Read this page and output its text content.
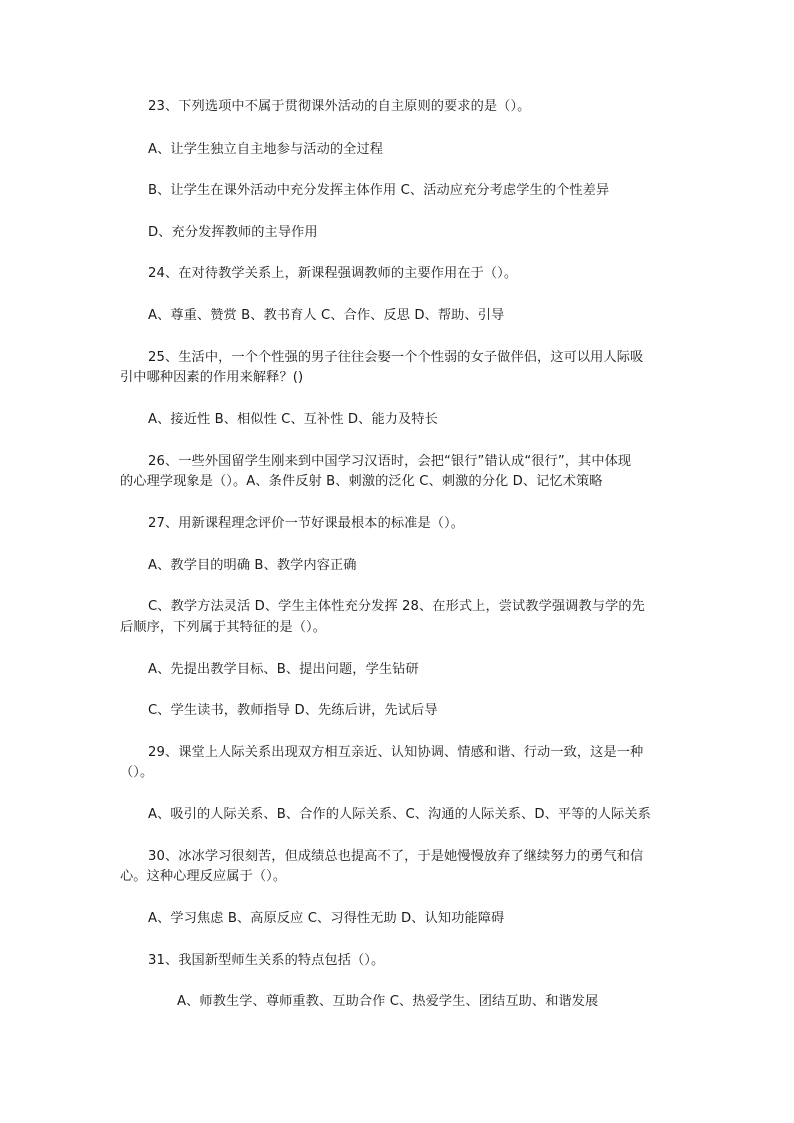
23、下列选项中不属于贯彻课外活动的自主原则的要求的是（）。
A、让学生独立自主地参与活动的全过程
B、让学生在课外活动中充分发挥主体作用 C、活动应充分考虑学生的个性差异
D、充分发挥教师的主导作用
24、在对待教学关系上，新课程强调教师的主要作用在于（）。
A、尊重、赞赏 B、教书育人 C、合作、反思 D、帮助、引导
25、生活中，一个个性强的男子往往会娶一个个性弱的女子做伴侣，这可以用人际吸
引中哪种因素的作用来解释？()
A、接近性 B、相似性 C、互补性 D、能力及特长
26、一些外国留学生刚来到中国学习汉语时，会把“银行”错认成“很行”，其中体现
的心理学现象是（）。A、条件反射 B、刺激的泛化 C、刺激的分化 D、记忆术策略
27、用新课程理念评价一节好课最根本的标准是（）。
A、教学目的明确 B、教学内容正确
C、教学方法灵活 D、学生主体性充分发挥 28、在形式上，尝试教学强调教与学的先
后顺序，下列属于其特征的是（）。
A、先提出教学目标、B、提出问题，学生钻研
C、学生读书，教师指导 D、先练后讲，先试后导
29、课堂上人际关系出现双方相互亲近、认知协调、情感和谐、行动一致，这是一种
（）。
A、吸引的人际关系、B、合作的人际关系、C、沟通的人际关系、D、平等的人际关系
30、冰冰学习很刻苦，但成绩总也提高不了，于是她慢慢放弃了继续努力的勇气和信
心。这种心理反应属于（）。
A、学习焦虑 B、高原反应 C、习得性无助 D、认知功能障碍
31、我国新型师生关系的特点包括（）。
A、师教生学、尊师重教、互助合作 C、热爱学生、团结互助、和谐发展
